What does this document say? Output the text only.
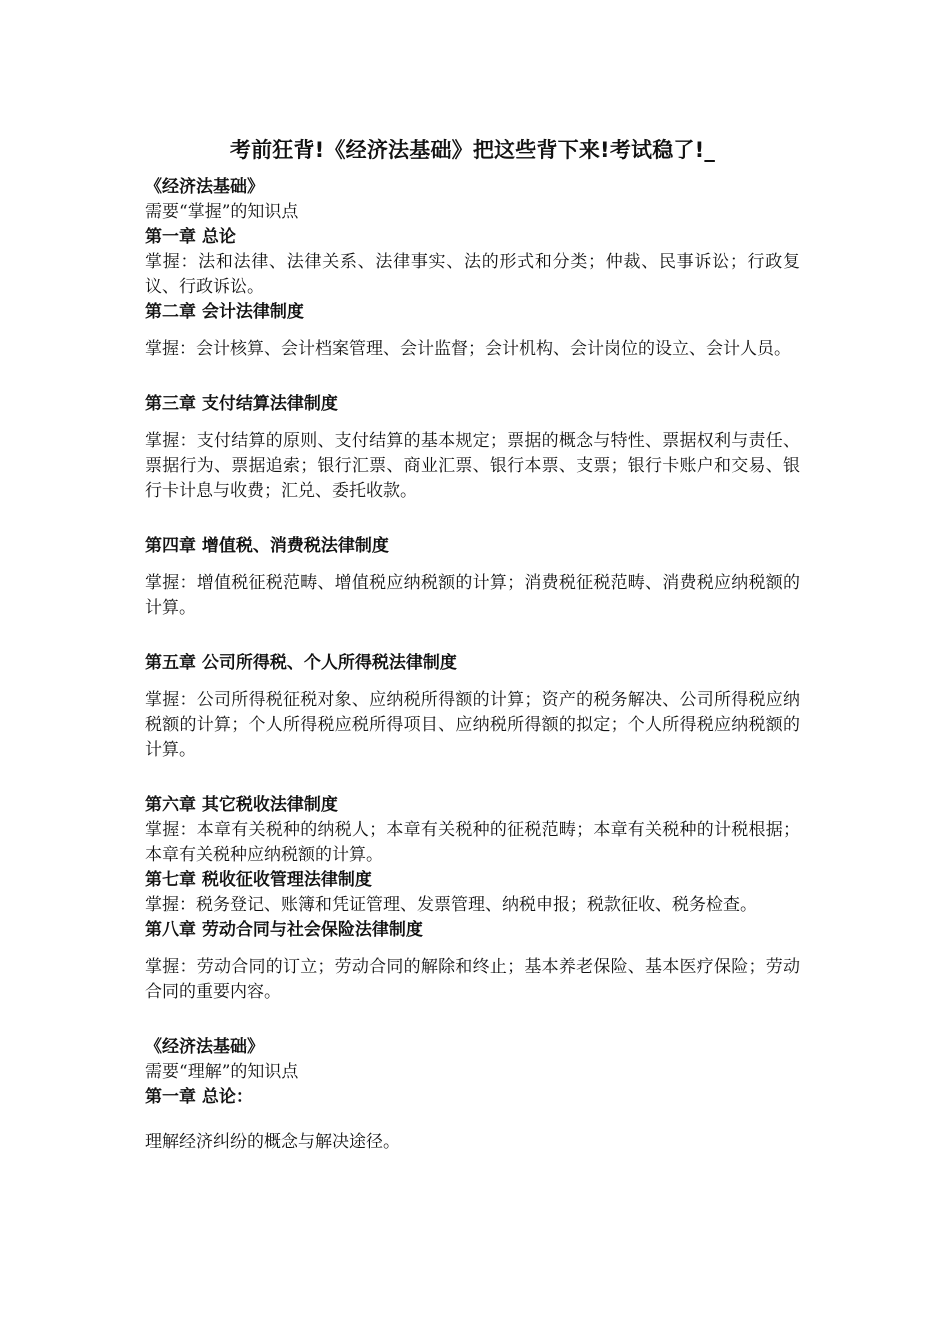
考前狂背!《经济法基础》把这些背下来!考试稳了!_

《经济法基础》

需要“掌握”的知识点

第一章 总论

掌握：法和法律、法律关系、法律事实、法的形式和分类；仲裁、民事诉讼；行政复议、行政诉讼。

第二章 会计法律制度

掌握：会计核算、会计档案管理、会计监督；会计机构、会计岗位的设立、会计人员。

第三章 支付结算法律制度

掌握：支付结算的原则、支付结算的基本规定；票据的概念与特性、票据权利与责任、票据行为、票据追索；银行汇票、商业汇票、银行本票、支票；银行卡账户和交易、银行卡计息与收费；汇兑、委托收款。

第四章 增值税、消费税法律制度

掌握：增值税征税范畴、增值税应纳税额的计算；消费税征税范畴、消费税应纳税额的计算。

第五章 公司所得税、个人所得税法律制度

掌握：公司所得税征税对象、应纳税所得额的计算；资产的税务解决、公司所得税应纳税额的计算；个人所得税应税所得项目、应纳税所得额的拟定；个人所得税应纳税额的计算。

第六章 其它税收法律制度

掌握：本章有关税种的纳税人；本章有关税种的征税范畴；本章有关税种的计税根据；本章有关税种应纳税额的计算。

第七章 税收征收管理法律制度

掌握：税务登记、账簿和凭证管理、发票管理、纳税申报；税款征收、税务检查。

第八章 劳动合同与社会保险法律制度

掌握：劳动合同的订立；劳动合同的解除和终止；基本养老保险、基本医疗保险；劳动合同的重要内容。

《经济法基础》

需要“理解”的知识点

第一章 总论：

理解经济纠纷的概念与解决途径。
